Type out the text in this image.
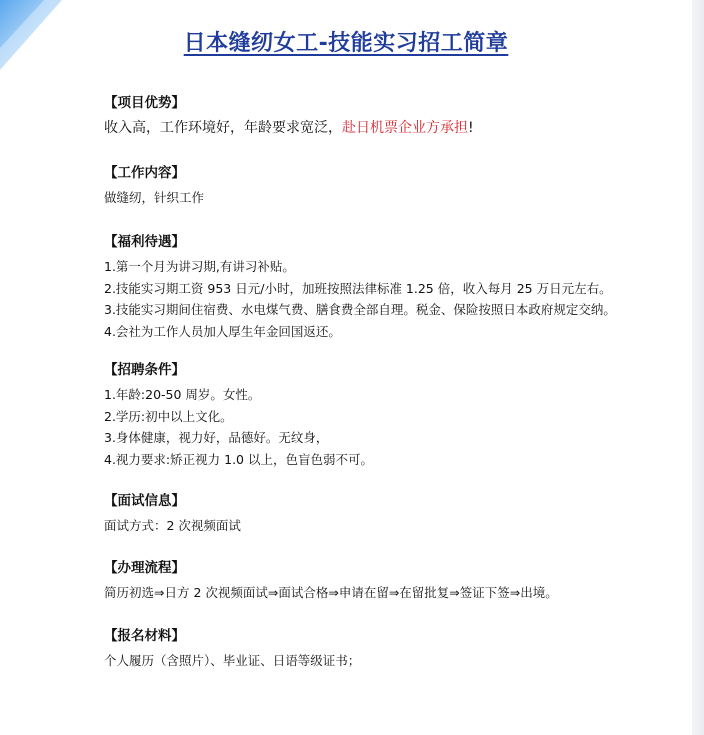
日本缝纫女工-技能实习招工简章
【项目优势】
收入高，工作环境好，年龄要求宽泛，赴日机票企业方承担!
【工作内容】
做缝纫，针织工作
【福利待遇】
1.第一个月为讲习期,有讲习补贴。
2.技能实习期工资 953 日元/小时，加班按照法律标准 1.25 倍，收入每月 25 万日元左右。
3.技能实习期间住宿费、水电煤气费、膳食费全部自理。税金、保险按照日本政府规定交纳。
4.会社为工作人员加人厚生年金回国返还。
【招聘条件】
1.年龄:20-50 周岁。女性。
2.学历:初中以上文化。
3.身体健康，视力好，品德好。无纹身，
4.视力要求:矫正视力 1.0 以上，色盲色弱不可。
【面试信息】
面试方式：2 次视频面试
【办理流程】
简历初选⇒日方 2 次视频面试⇒面试合格⇒申请在留⇒在留批复⇒签证下签⇒出境。
【报名材料】
个人履历（含照片）、毕业证、日语等级证书；
